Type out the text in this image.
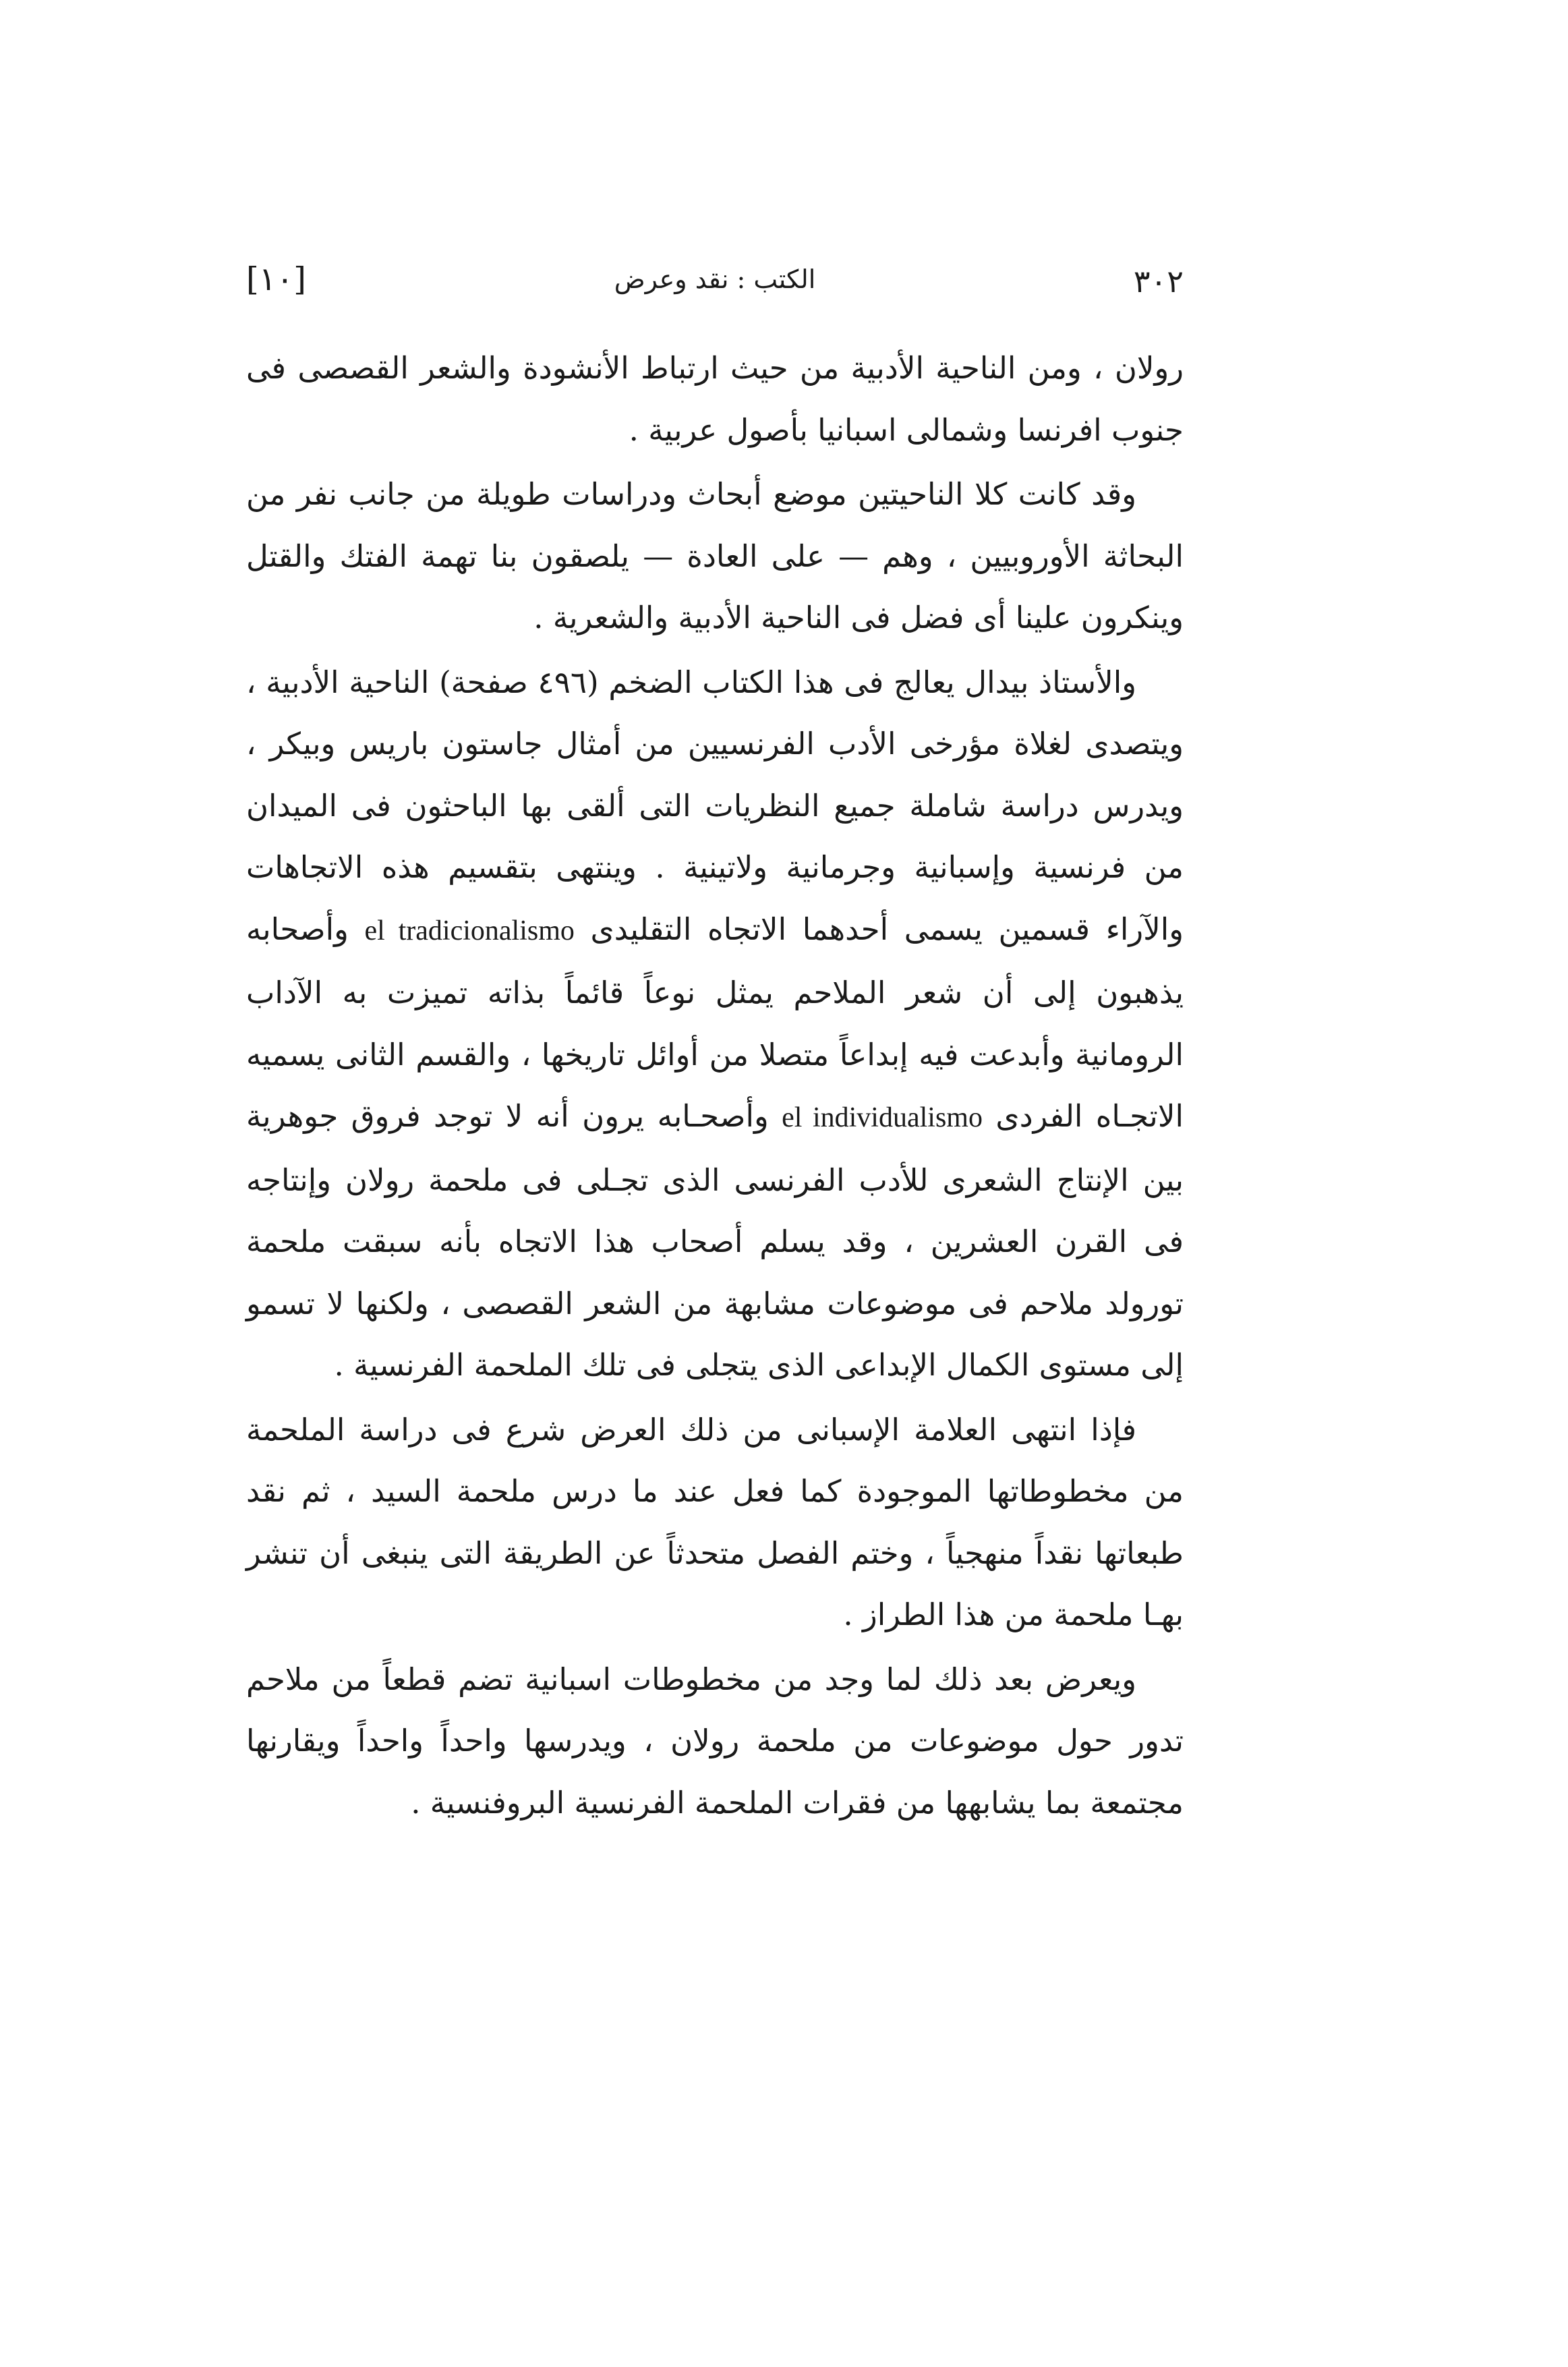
٣٠٢
الكتب : نقد وعرض
[١٠]

رولان ، ومن الناحية الأدبية من حيث ارتباط الأنشودة والشعر القصصى فى جنوب افرنسا وشمالى اسبانيا بأصول عربية .

وقد كانت كلا الناحيتين موضع أبحاث ودراسات طويلة من جانب نفر من البحاثة الأوروبيين ، وهم — على العادة — يلصقون بنا تهمة الفتك والقتل وينكرون علينا أى فضل فى الناحية الأدبية والشعرية .

والأستاذ بيدال يعالج فى هذا الكتاب الضخم (٤٩٦ صفحة) الناحية الأدبية ، ويتصدى لغلاة مؤرخى الأدب الفرنسيين من أمثال جاستون باريس وبيكر ، ويدرس دراسة شاملة جميع النظريات التى ألقى بها الباحثون فى الميدان من فرنسية وإسبانية وجرمانية ولاتينية . وينتهى بتقسيم هذه الاتجاهات والآراء قسمين يسمى أحدهما الاتجاه التقليدى el tradicionalismo وأصحابه يذهبون إلى أن شعر الملاحم يمثل نوعاً قائماً بذاته تميزت به الآداب الرومانية وأبدعت فيه إبداعاً متصلا من أوائل تاريخها ، والقسم الثانى يسميه الاتجـاه الفردى el individualismo وأصحـابه يرون أنه لا توجد فروق جوهرية بين الإنتاج الشعرى للأدب الفرنسى الذى تجـلى فى ملحمة رولان وإنتاجه فى القرن العشرين ، وقد يسلم أصحاب هذا الاتجاه بأنه سبقت ملحمة تورولد ملاحم فى موضوعات مشابهة من الشعر القصصى ، ولكنها لا تسمو إلى مستوى الكمال الإبداعى الذى يتجلى فى تلك الملحمة الفرنسية .

فإذا انتهى العلامة الإسبانى من ذلك العرض شرع فى دراسة الملحمة من مخطوطاتها الموجودة كما فعل عند ما درس ملحمة السيد ، ثم نقد طبعاتها نقداً منهجياً ، وختم الفصل متحدثاً عن الطريقة التى ينبغى أن تنشر بهـا ملحمة من هذا الطراز .

ويعرض بعد ذلك لما وجد من مخطوطات اسبانية تضم قطعاً من ملاحم تدور حول موضوعات من ملحمة رولان ، ويدرسها واحداً واحداً ويقارنها مجتمعة بما يشابهها من فقرات الملحمة الفرنسية البروفنسية .
